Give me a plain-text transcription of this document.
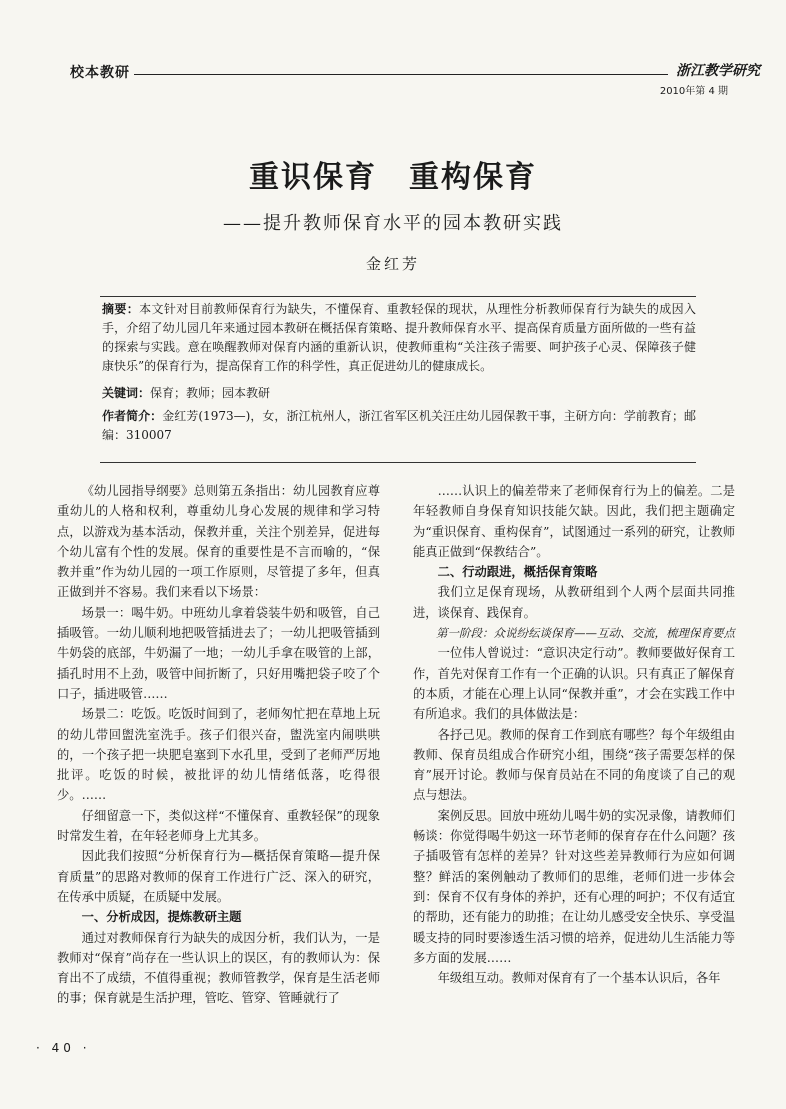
校本教研	浙江教学研究
2010年第 4 期
重识保育　重构保育
——提升教师保育水平的园本教研实践
金红芳
摘要：本文针对目前教师保育行为缺失，不懂保育、重教轻保的现状，从理性分析教师保育行为缺失的成因入手，介绍了幼儿园几年来通过园本教研在概括保育策略、提升教师保育水平、提高保育质量方面所做的一些有益的探索与实践。意在唤醒教师对保育内涵的重新认识，使教师重构“关注孩子需要、呵护孩子心灵、保障孩子健康快乐”的保育行为，提高保育工作的科学性，真正促进幼儿的健康成长。
关键词：保育；教师；园本教研
作者简介：金红芳(1973—)，女，浙江杭州人，浙江省军区机关汪庄幼儿园保教干事，主研方向：学前教育；邮编：310007

《幼儿园指导纲要》总则第五条指出：幼儿园教育应尊重幼儿的人格和权利，尊重幼儿身心发展的规律和学习特点，以游戏为基本活动，保教并重，关注个别差异，促进每个幼儿富有个性的发展。保育的重要性是不言而喻的，“保教并重”作为幼儿园的一项工作原则，尽管提了多年，但真正做到并不容易。我们来看以下场景：

场景一：喝牛奶。中班幼儿拿着袋装牛奶和吸管，自己插吸管。一幼儿顺利地把吸管插进去了；一幼儿把吸管插到牛奶袋的底部，牛奶漏了一地；一幼儿手拿在吸管的上部，插孔时用不上劲，吸管中间折断了，只好用嘴把袋子咬了个口子，插进吸管……

场景二：吃饭。吃饭时间到了，老师匆忙把在草地上玩的幼儿带回盥洗室洗手。孩子们很兴奋，盥洗室内闹哄哄的，一个孩子把一块肥皂塞到下水孔里，受到了老师严厉地批评。吃饭的时候，被批评的幼儿情绪低落，吃得很少。……

仔细留意一下，类似这样“不懂保育、重教轻保”的现象时常发生着，在年轻老师身上尤其多。

因此我们按照“分析保育行为—概括保育策略—提升保育质量”的思路对教师的保育工作进行广泛、深入的研究，在传承中质疑，在质疑中发展。

一、分析成因，提炼教研主题

通过对教师保育行为缺失的成因分析，我们认为，一是教师对“保育”尚存在一些认识上的误区，有的教师认为：保育出不了成绩，不值得重视；教师管教学，保育是生活老师的事；保育就是生活护理，管吃、管穿、管睡就行了

……认识上的偏差带来了老师保育行为上的偏差。二是年轻教师自身保育知识技能欠缺。因此，我们把主题确定为“重识保育、重构保育”，试图通过一系列的研究，让教师能真正做到“保教结合”。

二、行动跟进，概括保育策略

我们立足保育现场，从教研组到个人两个层面共同推进，谈保育、践保育。

第一阶段：众说纷纭谈保育——互动、交流，梳理保育要点

一位伟人曾说过：“意识决定行动”。教师要做好保育工作，首先对保育工作有一个正确的认识。只有真正了解保育的本质，才能在心理上认同“保教并重”，才会在实践工作中有所追求。我们的具体做法是：

各抒己见。教师的保育工作到底有哪些？每个年级组由教师、保育员组成合作研究小组，围绕“孩子需要怎样的保育”展开讨论。教师与保育员站在不同的角度谈了自己的观点与想法。

案例反思。回放中班幼儿喝牛奶的实况录像，请教师们畅谈：你觉得喝牛奶这一环节老师的保育存在什么问题？孩子插吸管有怎样的差异？针对这些差异教师行为应如何调整？鲜活的案例触动了教师们的思维，老师们进一步体会到：保育不仅有身体的养护，还有心理的呵护；不仅有适宜的帮助，还有能力的助推；在让幼儿感受安全快乐、享受温暖支持的同时要渗透生活习惯的培养，促进幼儿生活能力等多方面的发展……

年级组互动。教师对保育有了一个基本认识后，各年

· 40 ·
